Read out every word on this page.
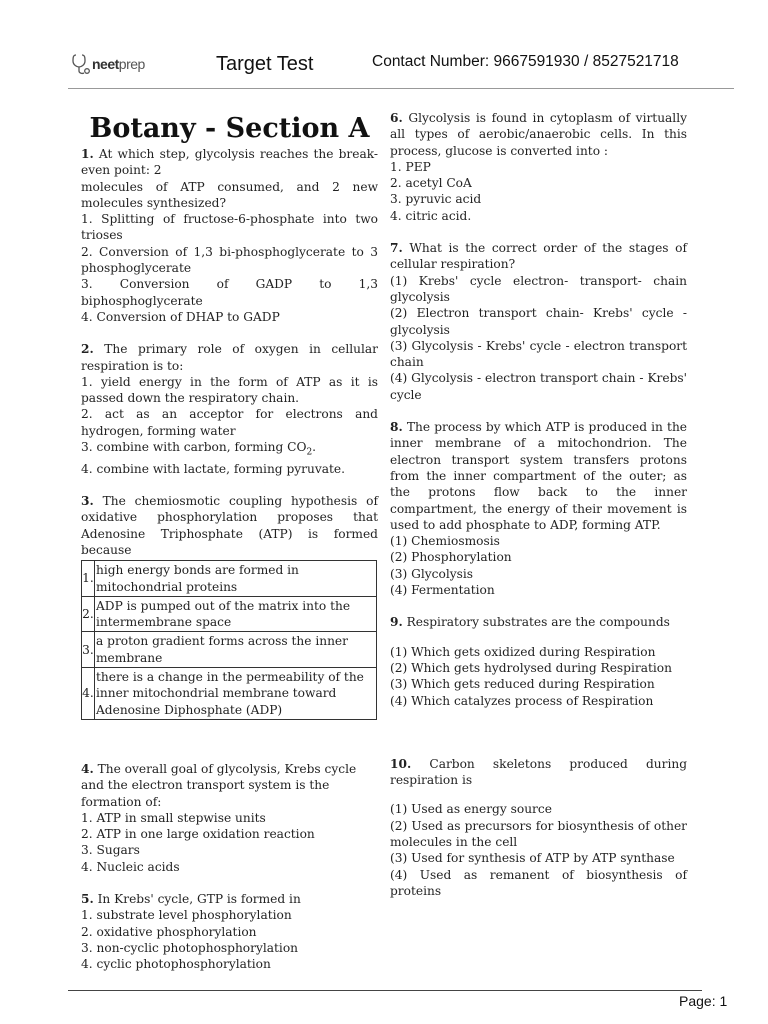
neetprep	Target Test	Contact Number: 9667591930 / 8527521718
Botany - Section A

1. At which step, glycolysis reaches the break-even point: 2

molecules of ATP consumed, and 2 new molecules synthesized?

1. Splitting of fructose-6-phosphate into two trioses

2. Conversion of 1,3 bi-phosphoglycerate to 3 phosphoglycerate

3. Conversion of GADP to 1,3 biphosphoglycerate

4. Conversion of DHAP to GADP

2. The primary role of oxygen in cellular respiration is to:

1. yield energy in the form of ATP as it is passed down the respiratory chain.

2. act as an acceptor for electrons and hydrogen, forming water

3. combine with carbon, forming $CO_2$.

4. combine with lactate, forming pyruvate.

3. The chemiosmotic coupling hypothesis of oxidative phosphorylation proposes that Adenosine Triphosphate (ATP) is formed because

1.	high energy bonds are formed in mitochondrial proteins
2.	ADP is pumped out of the matrix into the intermembrane space
3.	a proton gradient forms across the inner membrane
4.	there is a change in the permeability of the inner mitochondrial membrane toward Adenosine Diphosphate (ADP)

4. The overall goal of glycolysis, Krebs cycle and the electron transport system is the

formation of:

1. ATP in small stepwise units

2. ATP in one large oxidation reaction

3. Sugars

4. Nucleic acids

5. In Krebs' cycle, GTP is formed in

1. substrate level phosphorylation

2. oxidative phosphorylation

3. non-cyclic photophosphorylation

4. cyclic photophosphorylation

6. Glycolysis is found in cytoplasm of virtually all types of aerobic/anaerobic cells. In this process, glucose is converted into :

1. PEP

2. acetyl CoA

3. pyruvic acid

4. citric acid.

7. What is the correct order of the stages of cellular respiration?

(1) Krebs' cycle electron- transport- chain glycolysis

(2) Electron transport chain- Krebs' cycle - glycolysis

(3) Glycolysis - Krebs' cycle - electron transport chain

(4) Glycolysis - electron transport chain - Krebs' cycle

8. The process by which ATP is produced in the inner membrane of a mitochondrion. The electron transport system transfers protons from the inner compartment of the outer; as the protons flow back to the inner compartment, the energy of their movement is used to add phosphate to ADP, forming ATP.

(1) Chemiosmosis

(2) Phosphorylation

(3) Glycolysis

(4) Fermentation

9. Respiratory substrates are the compounds

(1) Which gets oxidized during Respiration

(2) Which gets hydrolysed during Respiration

(3) Which gets reduced during Respiration

(4) Which catalyzes process of Respiration

10. Carbon skeletons produced during respiration is

(1) Used as energy source

(2) Used as precursors for biosynthesis of other molecules in the cell

(3) Used for synthesis of ATP by ATP synthase

(4) Used as remanent of biosynthesis of proteins

Page: 1
